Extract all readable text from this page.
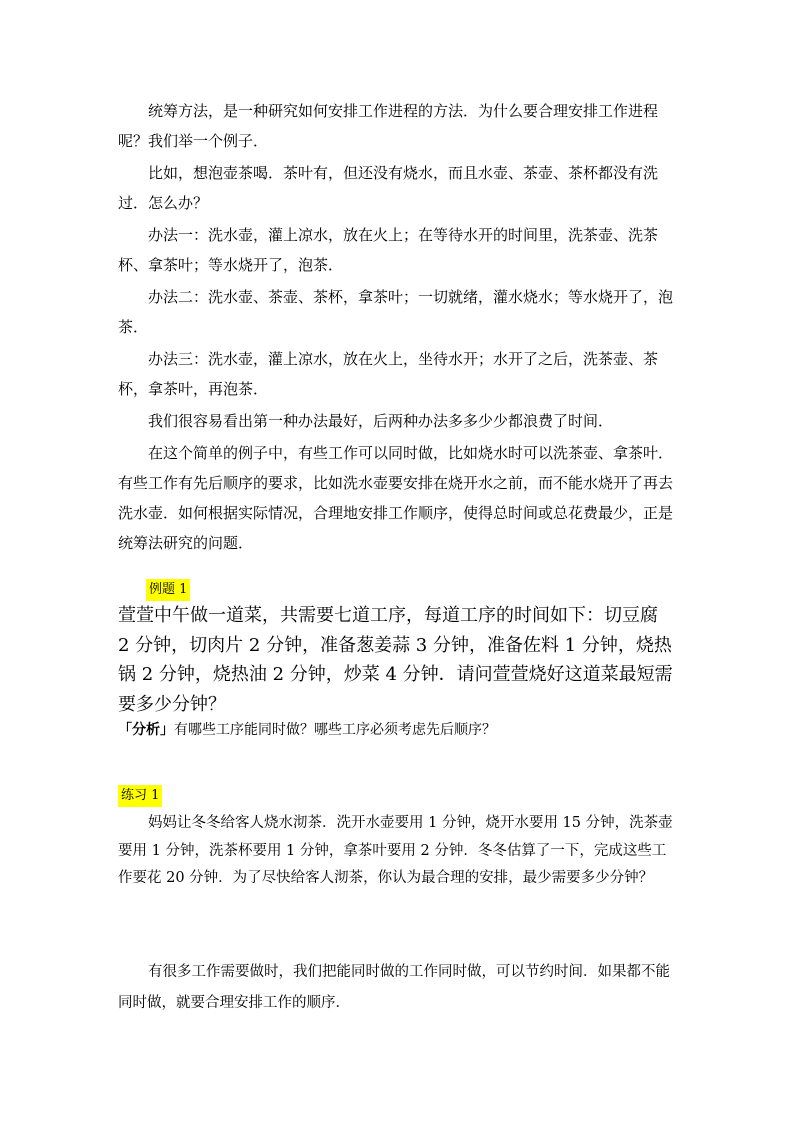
统筹方法，是一种研究如何安排工作进程的方法．为什么要合理安排工作进程呢？我们举一个例子．

比如，想泡壶茶喝．茶叶有，但还没有烧水，而且水壶、茶壶、茶杯都没有洗过．怎么办？

办法一：洗水壶，灌上凉水，放在火上；在等待水开的时间里，洗茶壶、洗茶杯、拿茶叶；等水烧开了，泡茶．

办法二：洗水壶、茶壶、茶杯，拿茶叶；一切就绪，灌水烧水；等水烧开了，泡茶．

办法三：洗水壶，灌上凉水，放在火上，坐待水开；水开了之后，洗茶壶、茶杯，拿茶叶，再泡茶．

我们很容易看出第一种办法最好，后两种办法多多少少都浪费了时间．

在这个简单的例子中，有些工作可以同时做，比如烧水时可以洗茶壶、拿茶叶．有些工作有先后顺序的要求，比如洗水壶要安排在烧开水之前，而不能水烧开了再去洗水壶．如何根据实际情况，合理地安排工作顺序，使得总时间或总花费最少，正是统筹法研究的问题．

例题 1

萱萱中午做一道菜，共需要七道工序，每道工序的时间如下：切豆腐 2 分钟，切肉片 2 分钟，准备葱姜蒜 3 分钟，准备佐料 1 分钟，烧热锅 2 分钟，烧热油 2 分钟，炒菜 4 分钟．请问萱萱烧好这道菜最短需要多少分钟？

「分析」有哪些工序能同时做？哪些工序必须考虑先后顺序？

练习 1

妈妈让冬冬给客人烧水沏茶．洗开水壶要用 1 分钟，烧开水要用 15 分钟，洗茶壶要用 1 分钟，洗茶杯要用 1 分钟，拿茶叶要用 2 分钟．冬冬估算了一下，完成这些工作要花 20 分钟．为了尽快给客人沏茶，你认为最合理的安排，最少需要多少分钟？

有很多工作需要做时，我们把能同时做的工作同时做，可以节约时间．如果都不能同时做，就要合理安排工作的顺序．
